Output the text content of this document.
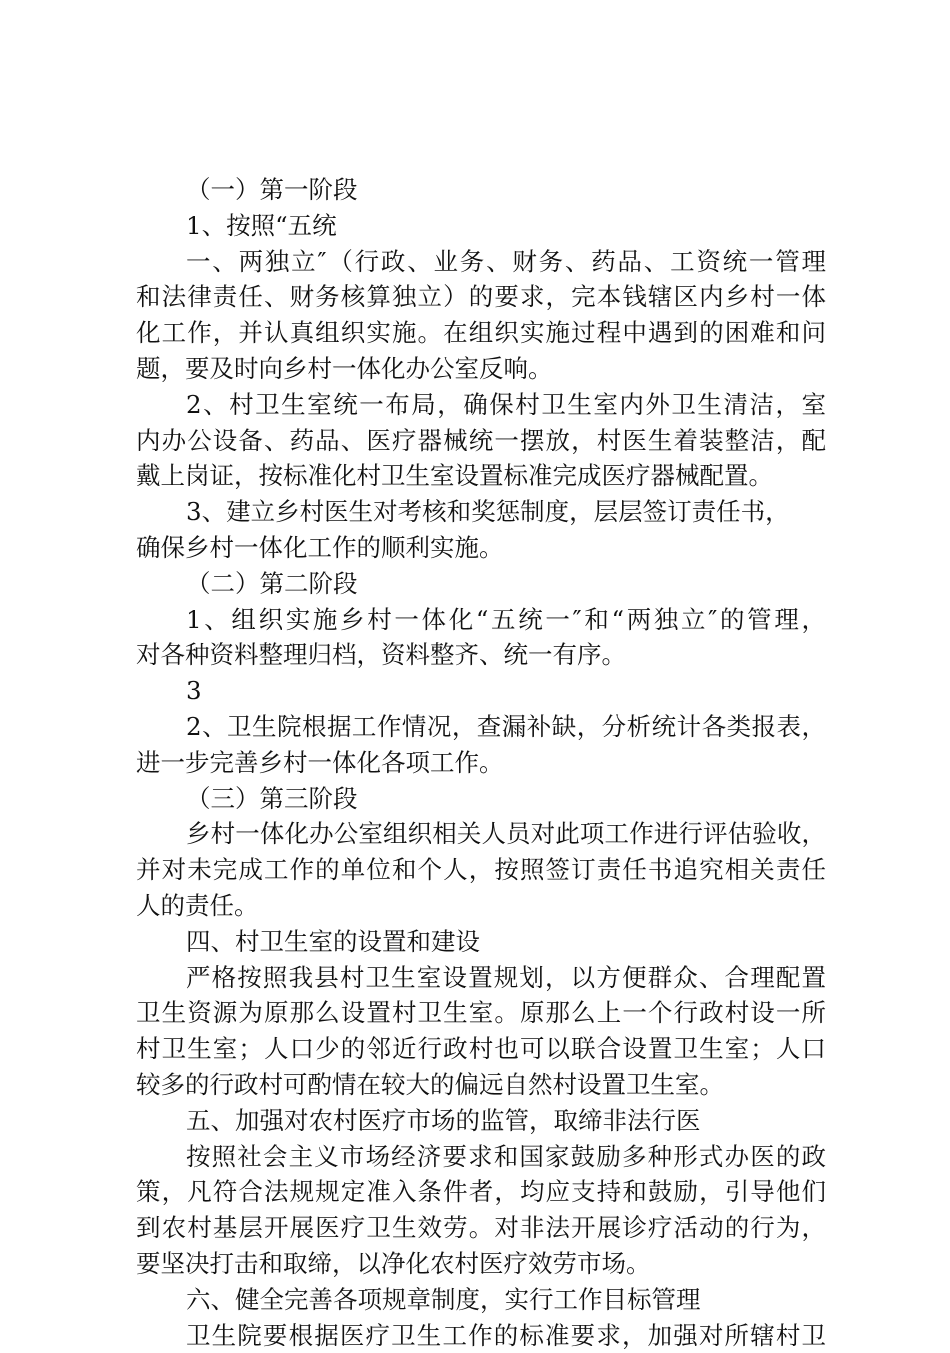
（一）第一阶段
1、按照“五统
一、两独立″（行政、业务、财务、药品、工资统一管理
和法律责任、财务核算独立）的要求，完本钱辖区内乡村一体
化工作，并认真组织实施。在组织实施过程中遇到的困难和问
题，要及时向乡村一体化办公室反响。
2、村卫生室统一布局，确保村卫生室内外卫生清洁，室
内办公设备、药品、医疗器械统一摆放，村医生着装整洁，配
戴上岗证，按标准化村卫生室设置标准完成医疗器械配置。
3、建立乡村医生对考核和奖惩制度，层层签订责任书，
确保乡村一体化工作的顺利实施。
（二）第二阶段
1、组织实施乡村一体化“五统一″和“两独立″的管理，
对各种资料整理归档，资料整齐、统一有序。
3
2、卫生院根据工作情况，查漏补缺，分析统计各类报表，
进一步完善乡村一体化各项工作。
（三）第三阶段
乡村一体化办公室组织相关人员对此项工作进行评估验收，
并对未完成工作的单位和个人，按照签订责任书追究相关责任
人的责任。
四、村卫生室的设置和建设
严格按照我县村卫生室设置规划，以方便群众、合理配置
卫生资源为原那么设置村卫生室。原那么上一个行政村设一所
村卫生室；人口少的邻近行政村也可以联合设置卫生室；人口
较多的行政村可酌情在较大的偏远自然村设置卫生室。
五、加强对农村医疗市场的监管，取缔非法行医
按照社会主义市场经济要求和国家鼓励多种形式办医的政
策，凡符合法规规定准入条件者，均应支持和鼓励，引导他们
到农村基层开展医疗卫生效劳。对非法开展诊疗活动的行为，
要坚决打击和取缔，以净化农村医疗效劳市场。
六、健全完善各项规章制度，实行工作目标管理
卫生院要根据医疗卫生工作的标准要求，加强对所辖村卫
